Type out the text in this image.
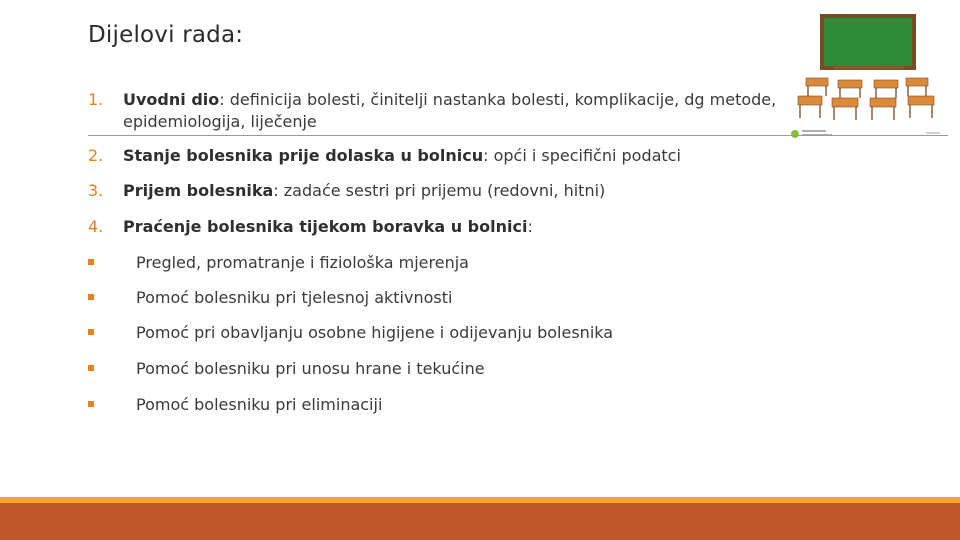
Dijelovi rada:
1. Uvodni dio: definicija bolesti, činitelji nastanka bolesti, komplikacije, dg metode,
epidemiologija, liječenje
2. Stanje bolesnika prije dolaska u bolnicu: opći i specifični podatci
3. Prijem bolesnika: zadaće sestri pri prijemu (redovni, hitni)
4. Praćenje bolesnika tijekom boravka u bolnici:
Pregled, promatranje i fiziološka mjerenja
Pomoć bolesniku pri tjelesnoj aktivnosti
Pomoć pri obavljanju osobne higijene i odijevanju bolesnika
Pomoć bolesniku pri unosu hrane i tekućine
Pomoć bolesniku pri eliminaciji
